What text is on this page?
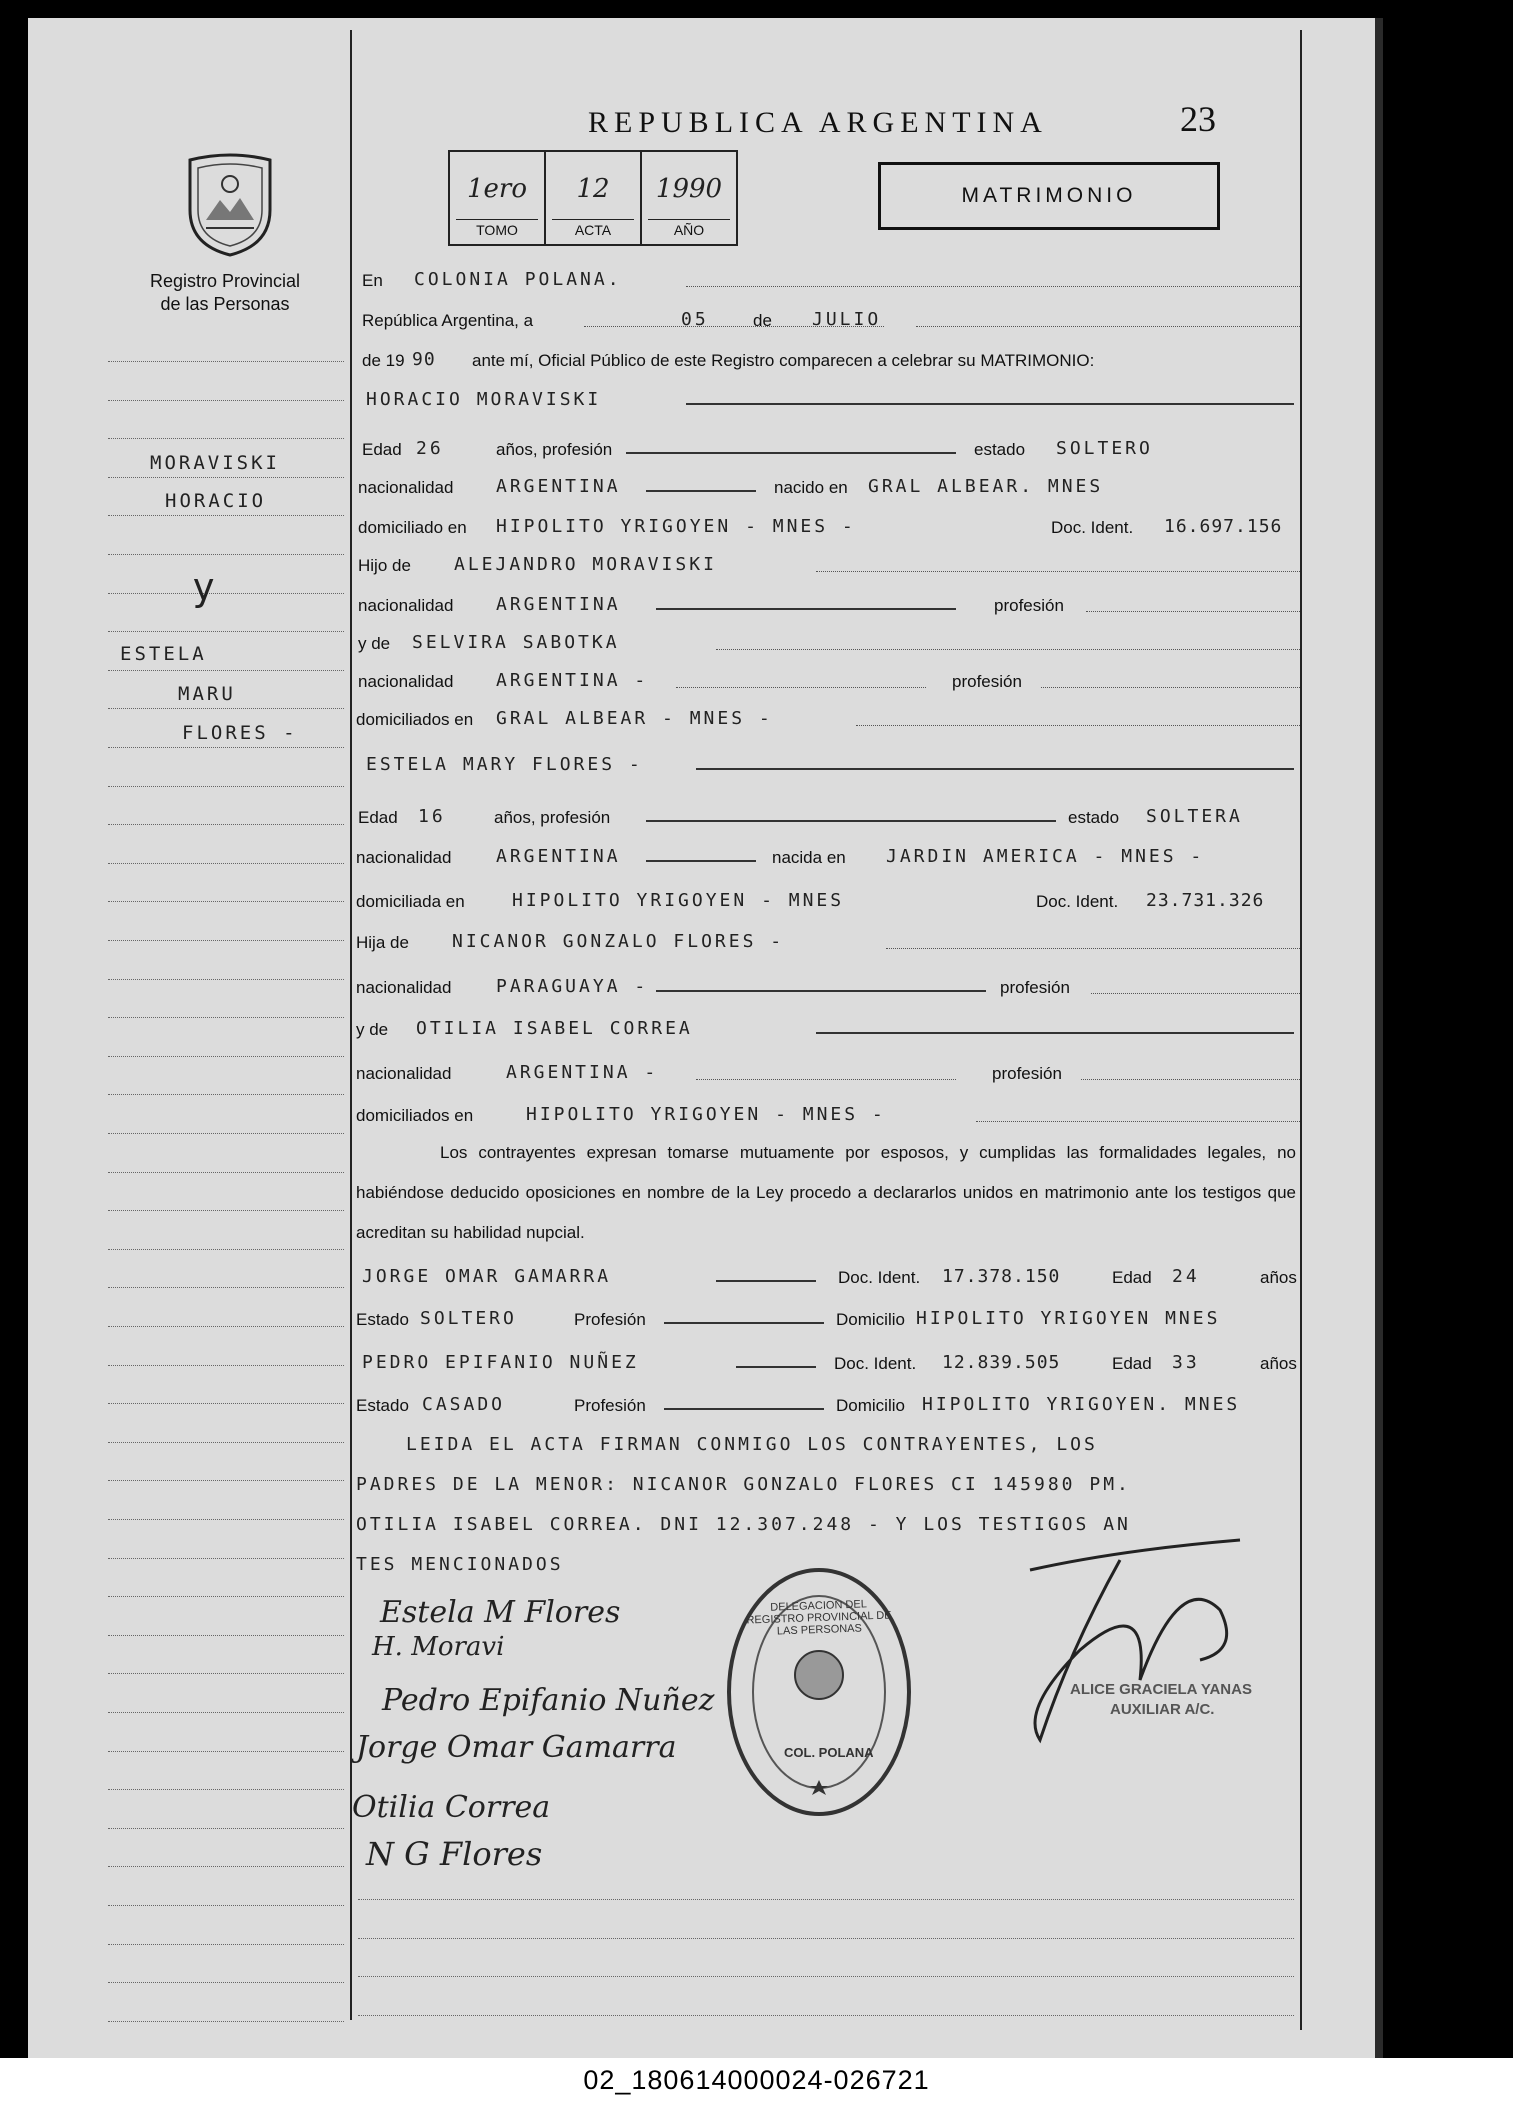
REPUBLICA ARGENTINA	23
MATRIMONIO
1ero
TOMO
12
ACTA
1990
AÑO
Registro Provincial
de las Personas
MORAVISKI
HORACIO
y
ESTELA
MARU
FLORES -
En COLONIA POLANA.
República Argentina, a	05	de JULIO
de 19 90 ante mí, Oficial Público de este Registro comparecen a celebrar su MATRIMONIO:
HORACIO MORAVISKI
Edad 26	años, profesión	estado SOLTERO
nacionalidad ARGENTINA	nacido en GRAL ALBEAR. MNES
domiciliado en HIPOLITO YRIGOYEN - MNES -	Doc. Ident. 16.697.156
Hijo de ALEJANDRO MORAVISKI
nacionalidad ARGENTINA	profesión
y de SELVIRA SABOTKA
nacionalidad ARGENTINA -	profesión
domiciliados en GRAL ALBEAR - MNES -
ESTELA MARY FLORES -
Edad 16	años, profesión	estado SOLTERA
nacionalidad ARGENTINA	nacida en JARDIN AMERICA - MNES -
domiciliada en	HIPOLITO YRIGOYEN - MNES	Doc. Ident. 23.731.326
Hija de NICANOR GONZALO FLORES -
nacionalidad PARAGUAYA -	profesión
y de OTILIA ISABEL CORREA
nacionalidad	ARGENTINA -	profesión
domiciliados en	HIPOLITO YRIGOYEN - MNES -
Los contrayentes expresan tomarse mutuamente por esposos, y cumplidas las formalidades legales, no habiéndose deducido oposiciones en nombre de la Ley procedo a declararlos unidos en matrimonio ante los testigos que acreditan su habilidad nupcial.
JORGE OMAR GAMARRA	Doc. Ident. 17.378.150	Edad 24	años
Estado SOLTERO	Profesión	Domicilio HIPOLITO YRIGOYEN MNES
PEDRO EPIFANIO NUÑEZ	Doc. Ident. 12.839.505	Edad 33	años
Estado CASADO	Profesión	Domicilio HIPOLITO YRIGOYEN. MNES
LEIDA EL ACTA FIRMAN CONMIGO LOS CONTRAYENTES, LOS
PADRES DE LA MENOR: NICANOR GONZALO FLORES CI 145980 PM.
OTILIA ISABEL CORREA. DNI 12.307.248 - Y LOS TESTIGOS AN
TES MENCIONADOS
Estela M Flores
H. Moravi
Pedro Epifanio Nuñez
Jorge Omar Gamarra
Otilia Correa
N G Flores
DELEGACION DEL REGISTRO PROVINCIAL DE LAS PERSONAS
COL. POLANA
ALICE GRACIELA YANAS
AUXILIAR A/C.
02_180614000024-026721
